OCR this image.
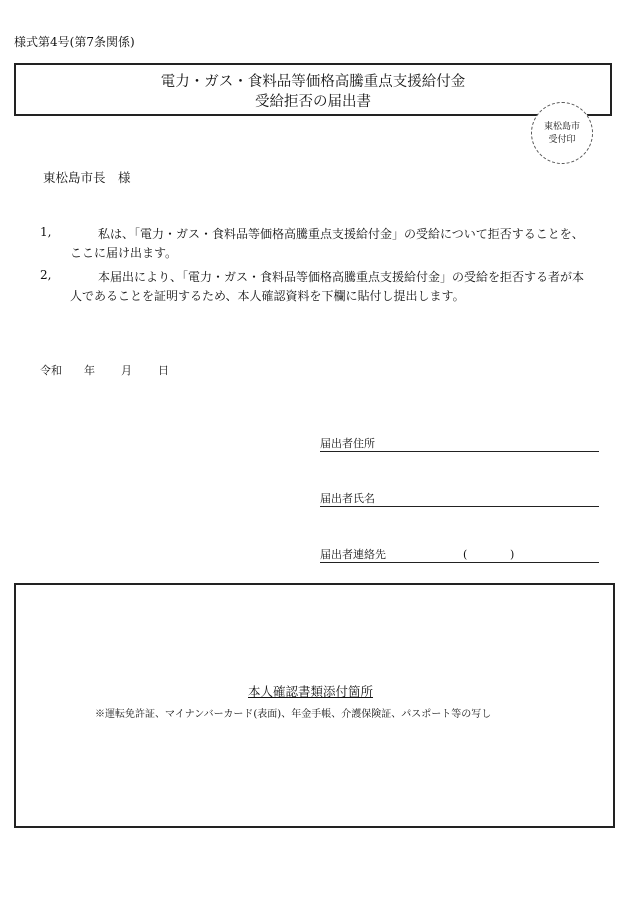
様式第4号(第7条関係)
電力・ガス・食料品等価格高騰重点支援給付金
受給拒否の届出書
東松島市
受付印
東松島市長　様
1,	私は、「電力・ガス・食料品等価格高騰重点支援給付金」の受給について拒否することを、ここに届け出ます。
2,	本届出により、「電力・ガス・食料品等価格高騰重点支援給付金」の受給を拒否する者が本人であることを証明するため、本人確認資料を下欄に貼付し提出します。
令和 年 月 日
届出者住所
届出者氏名
届出者連絡先	(	)
本人確認書類添付箇所
※運転免許証、マイナンバーカード(表面)、年金手帳、介護保険証、パスポート等の写し
